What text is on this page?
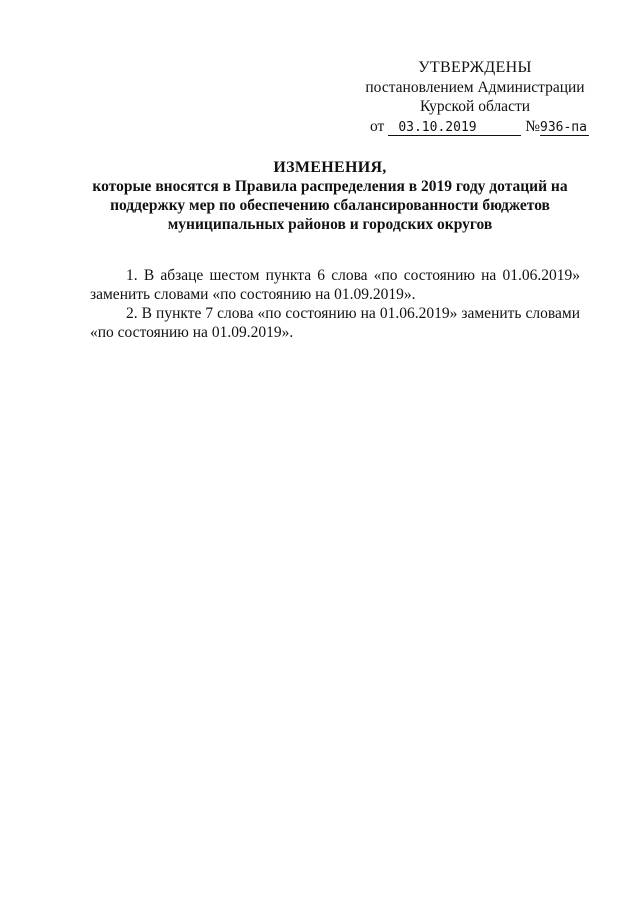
УТВЕРЖДЕНЫ
постановлением Администрации
Курской области
от 03.10.2019	№936-па
ИЗМЕНЕНИЯ,
которые вносятся в Правила распределения в 2019 году дотаций на поддержку мер по обеспечению сбалансированности бюджетов муниципальных районов и городских округов

1. В абзаце шестом пункта 6 слова «по состоянию на 01.06.2019» заменить словами «по состоянию на 01.09.2019».

2. В пункте 7 слова «по состоянию на 01.06.2019» заменить словами «по состоянию на 01.09.2019».
